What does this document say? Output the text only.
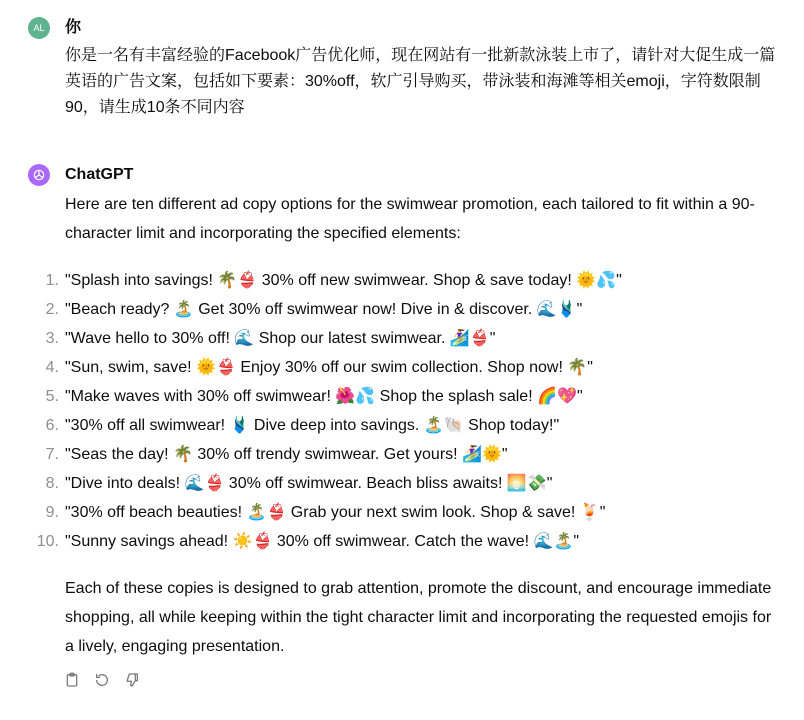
AL	你
你是一名有丰富经验的Facebook广告优化师，现在网站有一批新款泳装上市了，请针对大促生成一篇英语的广告文案，包括如下要素：30%off，软广引导购买，带泳装和海滩等相关emoji，字符数限制90，请生成10条不同内容
ChatGPT

Here are ten different ad copy options for the swimwear promotion, each tailored to fit within a 90-character limit and incorporating the specified elements:

1. "Splash into savings! 🌴👙 30% off new swimwear. Shop & save today! 🌞💦"
2. "Beach ready? 🏝️ Get 30% off swimwear now! Dive in & discover. 🌊🩱"
3. "Wave hello to 30% off! 🌊 Shop our latest swimwear. 🏄‍♀️👙"
4. "Sun, swim, save! 🌞👙 Enjoy 30% off our swim collection. Shop now! 🌴"
5. "Make waves with 30% off swimwear! 🌺💦 Shop the splash sale! 🌈💖"
6. "30% off all swimwear! 🩱 Dive deep into savings. 🏝️🐚 Shop today!"
7. "Seas the day! 🌴 30% off trendy swimwear. Get yours! 🏄‍♀️🌞"
8. "Dive into deals! 🌊👙 30% off swimwear. Beach bliss awaits! 🌅💸"
9. "30% off beach beauties! 🏝️👙 Grab your next swim look. Shop & save! 🍹"
10. "Sunny savings ahead! ☀️👙 30% off swimwear. Catch the wave! 🌊🏝️"

Each of these copies is designed to grab attention, promote the discount, and encourage immediate shopping, all while keeping within the tight character limit and incorporating the requested emojis for a lively, engaging presentation.
